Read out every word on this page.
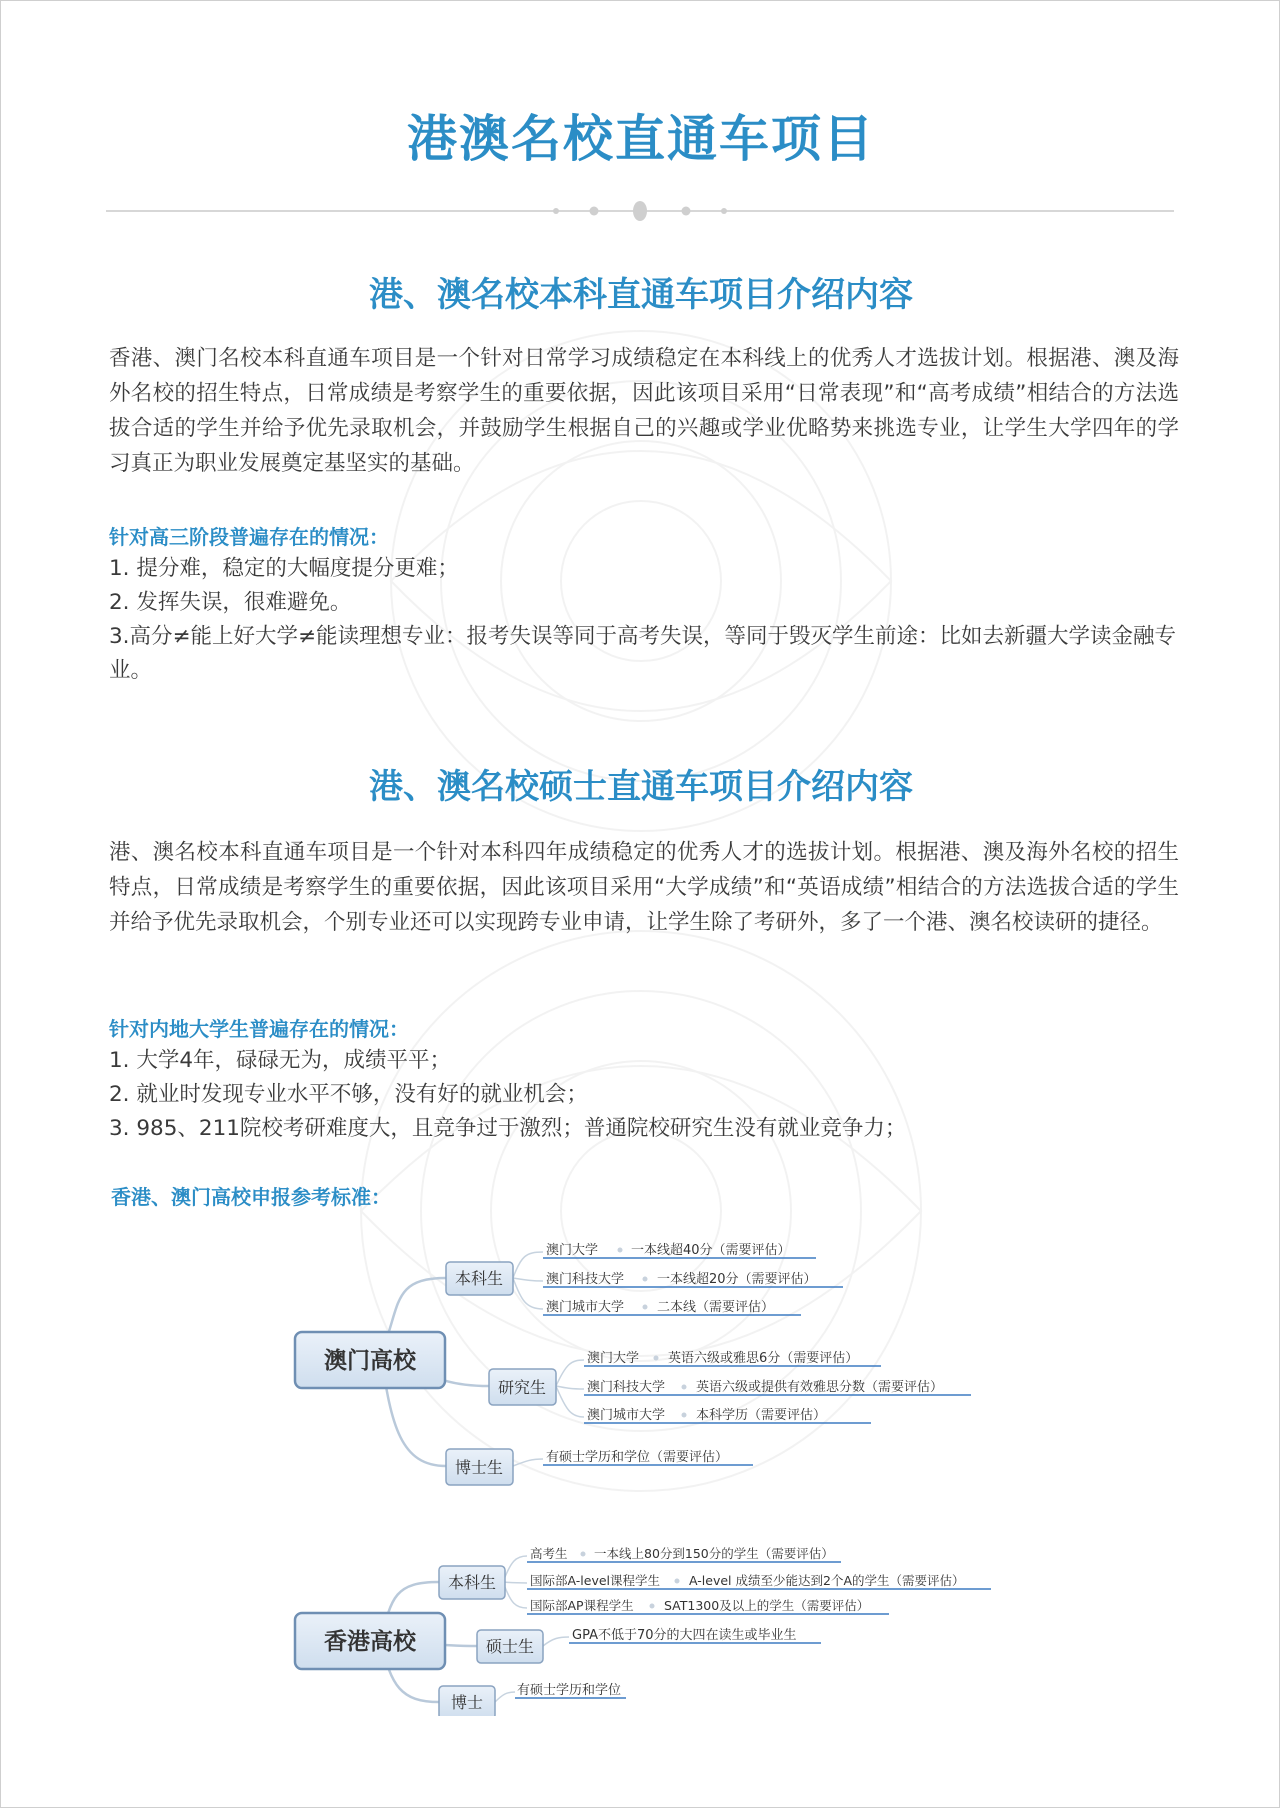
港澳名校直通车项目
港、澳名校本科直通车项目介绍内容
香港、澳门名校本科直通车项目是一个针对日常学习成绩稳定在本科线上的优秀人才选拔计划。根据港、澳及海外名校的招生特点，日常成绩是考察学生的重要依据，因此该项目采用“日常表现”和“高考成绩”相结合的方法选拔合适的学生并给予优先录取机会，并鼓励学生根据自己的兴趣或学业优略势来挑选专业，让学生大学四年的学习真正为职业发展奠定基坚实的基础。
针对高三阶段普遍存在的情况：
1. 提分难，稳定的大幅度提分更难；
2. 发挥失误，很难避免。
3.高分≠能上好大学≠能读理想专业：报考失误等同于高考失误，等同于毁灭学生前途：比如去新疆大学读金融专业。
港、澳名校硕士直通车项目介绍内容
港、澳名校本科直通车项目是一个针对本科四年成绩稳定的优秀人才的选拔计划。根据港、澳及海外名校的招生特点，日常成绩是考察学生的重要依据，因此该项目采用“大学成绩”和“英语成绩”相结合的方法选拔合适的学生并给予优先录取机会，个别专业还可以实现跨专业申请，让学生除了考研外，多了一个港、澳名校读研的捷径。
针对内地大学生普遍存在的情况：
1. 大学4年，碌碌无为，成绩平平；
2. 就业时发现专业水平不够，没有好的就业机会；
3. 985、211院校考研难度大，且竞争过于激烈；普通院校研究生没有就业竞争力；
香港、澳门高校申报参考标准：
澳门高校
本科生
澳门大学	一本线超40分（需要评估）
澳门科技大学	一本线超20分（需要评估）
澳门城市大学	二本线（需要评估）
研究生
澳门大学 英语六级或雅思6分（需要评估）
澳门科技大学 英语六级或提供有效雅思分数（需要评估）
澳门城市大学 本科学历（需要评估）
博士生
有硕士学历和学位（需要评估）
香港高校
本科生
高考生 一本线上80分到150分的学生（需要评估）
国际部A-level课程学生 A-level 成绩至少能达到2个A的学生（需要评估）
国际部AP课程学生 SAT1300及以上的学生（需要评估）
硕士生
GPA不低于70分的大四在读生或毕业生
博士
有硕士学历和学位
